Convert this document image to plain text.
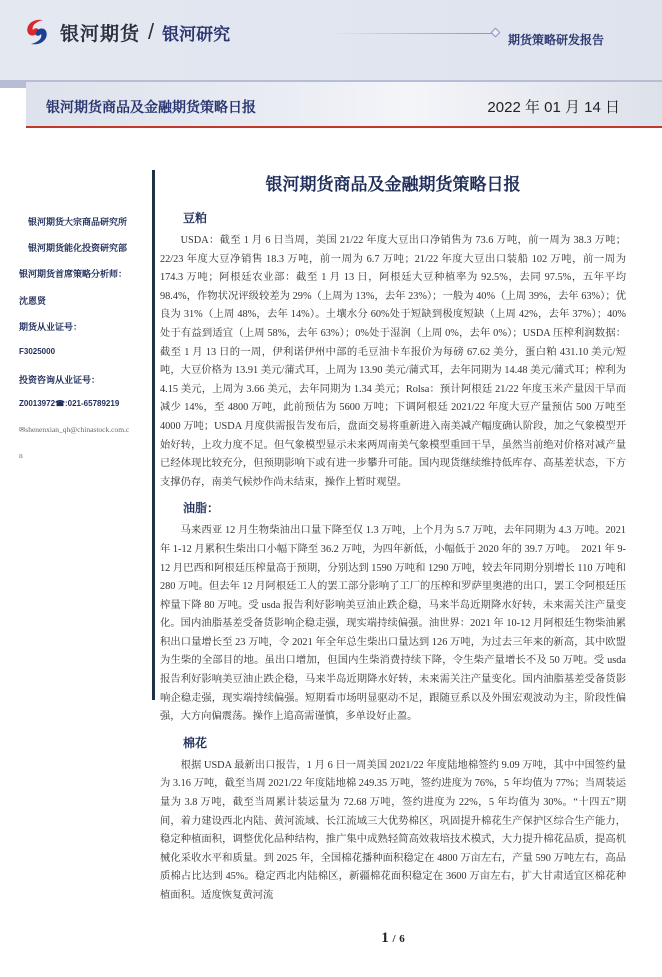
银河期货 / 银河研究	期货策略研发报告
银河期货商品及金融期货策略日报	2022 年 01 月 14 日
银河期货大宗商品研究所
银河期货能化投资研究部
银河期货首席策略分析师：
沈恩贤
期货从业证号：
F3025000
投资咨询从业证号：
Z0013972☎:021-65789219
✉shenenxian_qh@chinastock.com.c
n
银河期货商品及金融期货策略日报
豆粕
USDA：截至 1 月 6 日当周，美国 21/22 年度大豆出口净销售为 73.6 万吨，前一周为 38.3 万吨；22/23 年度大豆净销售 18.3 万吨，前一周为 6.7 万吨；21/22 年度大豆出口装船 102 万吨，前一周为 174.3 万吨；阿根廷农业部：截至 1 月 13 日，阿根廷大豆种植率为 92.5%，去同 97.5%，五年平均 98.4%，作物状况评级较差为 29%（上周为 13%，去年 23%）；一般为 40%（上周 39%，去年 63%）；优良为 31%（上周 48%，去年 14%）。土壤水分 60%处于短缺到极度短缺（上周 42%，去年 37%）；40%处于有益到适宜（上周 58%，去年 63%）；0%处于湿润（上周 0%，去年 0%）；USDA 压榨利润数据：截至 1 月 13 日的一周，伊利诺伊州中部的毛豆油卡车报价为每磅 67.62 美分，蛋白粕 431.10 美元/短吨，大豆价格为 13.91 美元/蒲式耳，上周为 13.90 美元/蒲式耳，去年同期为 14.48 美元/蒲式耳；榨利为 4.15 美元，上周为 3.66 美元，去年同期为 1.34 美元；Rolsa：预计阿根廷 21/22 年度玉米产量因干旱而减少 14%，至 4800 万吨，此前预估为 5600 万吨；下调阿根廷 2021/22 年度大豆产量预估 500 万吨至 4000 万吨；USDA 月度供需报告发布后，盘面交易将重新进入南美减产幅度确认阶段，加之气象模型开始好转，上攻力度不足。但气象模型显示未来两周南美气象模型重回干旱，虽然当前绝对价格对减产量已经体现比较充分，但预期影响下或有进一步攀升可能。国内现货继续维持低库存、高基差状态，下方支撑仍存，南美气候炒作尚未结束，操作上暂时观望。
油脂：
马来西亚 12 月生物柴油出口量下降至仅 1.3 万吨，上个月为 5.7 万吨，去年同期为 4.3 万吨。2021 年 1-12 月累积生柴出口小幅下降至 36.2 万吨，为四年新低，小幅低于 2020 年的 39.7 万吨。　2021 年 9-12 月巴西和阿根廷压榨量高于预期，分别达到 1590 万吨和 1290 万吨，较去年同期分别增长 110 万吨和 280 万吨。但去年 12 月阿根廷工人的罢工部分影响了工厂的压榨和罗萨里奥港的出口，罢工令阿根廷压榨量下降 80 万吨。受 usda 报告利好影响美豆油止跌企稳，马来半岛近期降水好转，未来需关注产量变化。国内油脂基差受备货影响企稳走强，现实端持续偏强。油世界：2021 年 10-12 月阿根廷生物柴油累积出口量增长至 23 万吨，令 2021 年全年总生柴出口量达到 126 万吨，为过去三年来的新高，其中欧盟为生柴的全部目的地。虽出口增加，但国内生柴消费持续下降，令生柴产量增长不及 50 万吨。受 usda 报告利好影响美豆油止跌企稳，马来半岛近期降水好转，未来需关注产量变化。国内油脂基差受备货影响企稳走强，现实端持续偏强。短期看市场明显驱动不足，跟随豆系以及外围宏观波动为主，阶段性偏强，大方向偏震荡。操作上追高需谨慎，多单设好止盈。
棉花
根据 USDA 最新出口报告，1 月 6 日一周美国 2021/22 年度陆地棉签约 9.09 万吨，其中中国签约量为 3.16 万吨，截至当周 2021/22 年度陆地棉 249.35 万吨，签约进度为 76%，5 年均值为 77%；当周装运量为 3.8 万吨，截至当周累计装运量为 72.68 万吨，签约进度为 22%，5 年均值为 30%。“十四五”期间，着力建设西北内陆、黄河流域、长江流域三大优势棉区，巩固提升棉花生产保护区综合生产能力，稳定种植面积，调整优化品种结构，推广集中成熟轻简高效栽培技术模式，大力提升棉花品质，提高机械化采收水平和质量。到 2025 年，全国棉花播种面积稳定在 4800 万亩左右，产量 590 万吨左右，高品质棉占比达到 45%。稳定西北内陆棉区，新疆棉花面积稳定在 3600 万亩左右，扩大甘肃适宜区棉花种植面积。适度恢复黄河流
1 / 6
